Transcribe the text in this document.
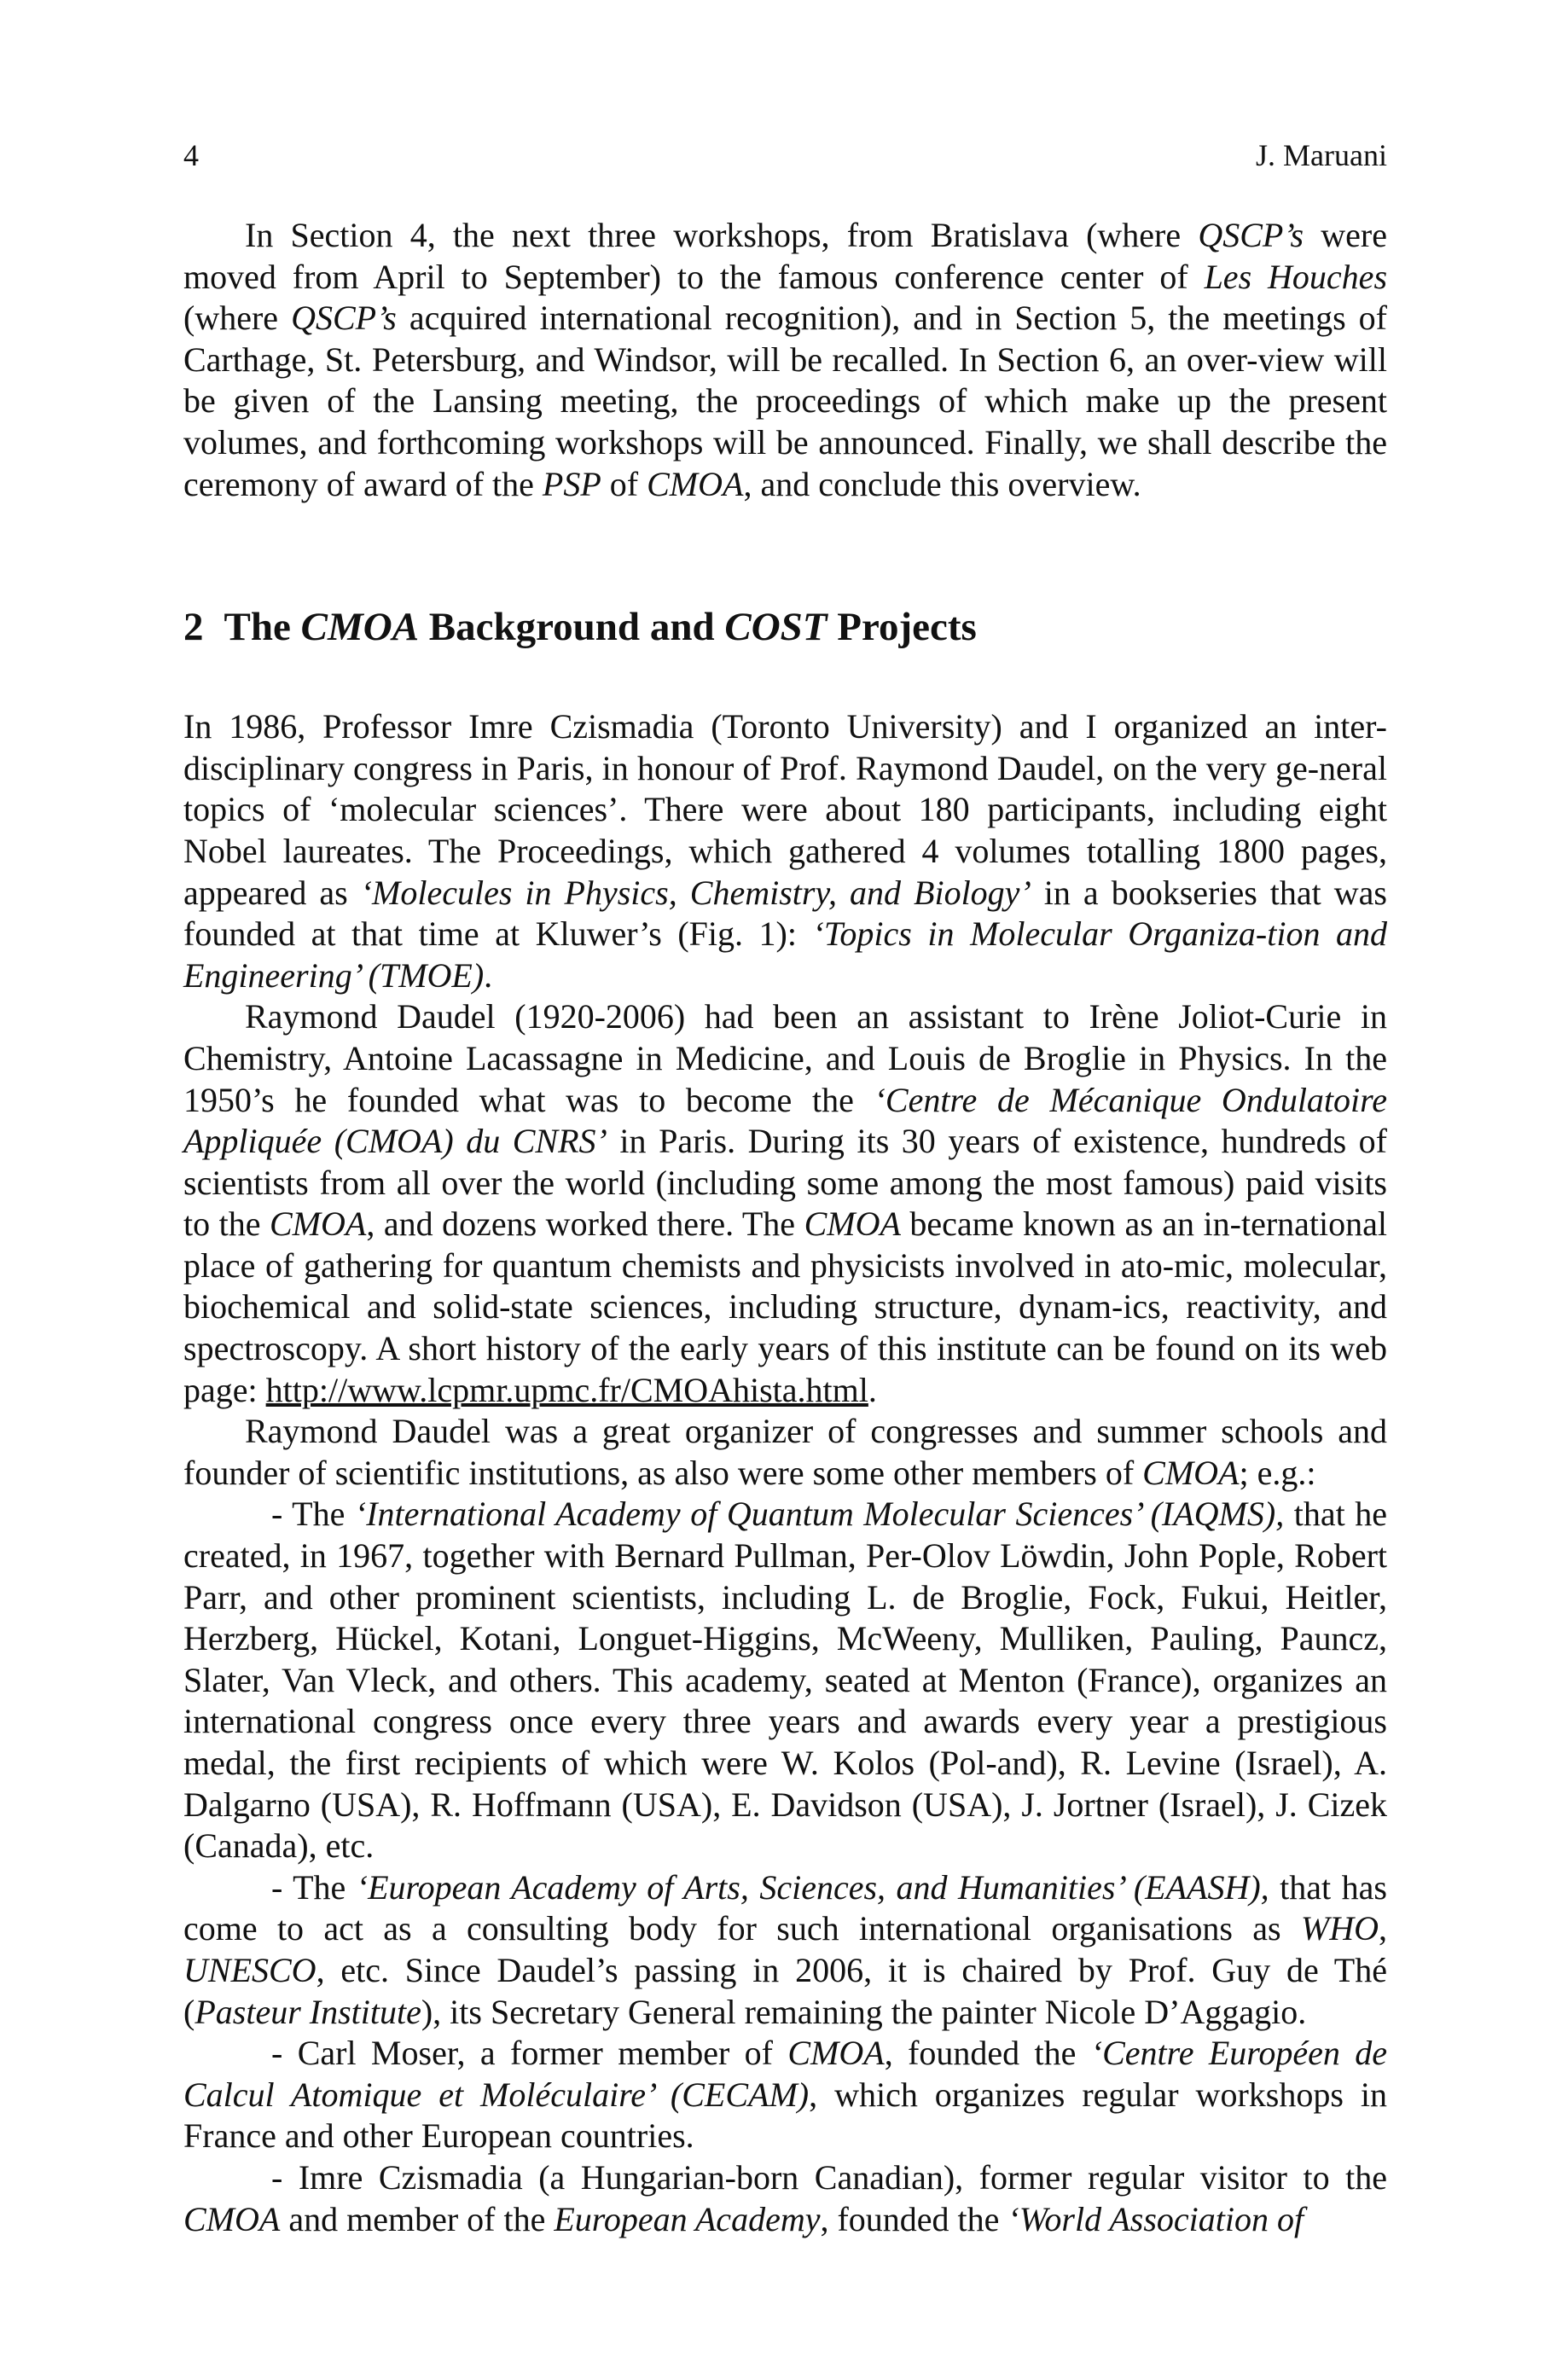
4	J. Maruani

In Section 4, the next three workshops, from Bratislava (where QSCP’s were moved from April to September) to the famous conference center of Les Houches (where QSCP’s acquired international recognition), and in Section 5, the meetings of Carthage, St. Petersburg, and Windsor, will be recalled. In Section 6, an over-view will be given of the Lansing meeting, the proceedings of which make up the present volumes, and forthcoming workshops will be announced. Finally, we shall describe the ceremony of award of the PSP of CMOA, and conclude this overview.

2 The CMOA Background and COST Projects

In 1986, Professor Imre Czismadia (Toronto University) and I organized an inter-disciplinary congress in Paris, in honour of Prof. Raymond Daudel, on the very ge-neral topics of ‘molecular sciences’. There were about 180 participants, including eight Nobel laureates. The Proceedings, which gathered 4 volumes totalling 1800 pages, appeared as ‘Molecules in Physics, Chemistry, and Biology’ in a bookseries that was founded at that time at Kluwer’s (Fig. 1): ‘Topics in Molecular Organiza-tion and Engineering’ (TMOE).

Raymond Daudel (1920-2006) had been an assistant to Irène Joliot-Curie in Chemistry, Antoine Lacassagne in Medicine, and Louis de Broglie in Physics. In the 1950’s he founded what was to become the ‘Centre de Mécanique Ondulatoire Appliquée (CMOA) du CNRS’ in Paris. During its 30 years of existence, hundreds of scientists from all over the world (including some among the most famous) paid visits to the CMOA, and dozens worked there. The CMOA became known as an in-ternational place of gathering for quantum chemists and physicists involved in ato-mic, molecular, biochemical and solid-state sciences, including structure, dynam-ics, reactivity, and spectroscopy. A short history of the early years of this institute can be found on its web page: http://www.lcpmr.upmc.fr/CMOAhista.html.

Raymond Daudel was a great organizer of congresses and summer schools and founder of scientific institutions, as also were some other members of CMOA; e.g.:

- The ‘International Academy of Quantum Molecular Sciences’ (IAQMS), that he created, in 1967, together with Bernard Pullman, Per-Olov Löwdin, John Pople, Robert Parr, and other prominent scientists, including L. de Broglie, Fock, Fukui, Heitler, Herzberg, Hückel, Kotani, Longuet-Higgins, McWeeny, Mulliken, Pauling, Pauncz, Slater, Van Vleck, and others. This academy, seated at Menton (France), organizes an international congress once every three years and awards every year a prestigious medal, the first recipients of which were W. Kolos (Pol-and), R. Levine (Israel), A. Dalgarno (USA), R. Hoffmann (USA), E. Davidson (USA), J. Jortner (Israel), J. Cizek (Canada), etc.

- The ‘European Academy of Arts, Sciences, and Humanities’ (EAASH), that has come to act as a consulting body for such international organisations as WHO, UNESCO, etc. Since Daudel’s passing in 2006, it is chaired by Prof. Guy de Thé (Pasteur Institute), its Secretary General remaining the painter Nicole D’Aggagio.

- Carl Moser, a former member of CMOA, founded the ‘Centre Européen de Calcul Atomique et Moléculaire’ (CECAM), which organizes regular workshops in France and other European countries.

- Imre Czismadia (a Hungarian-born Canadian), former regular visitor to the CMOA and member of the European Academy, founded the ‘World Association of
